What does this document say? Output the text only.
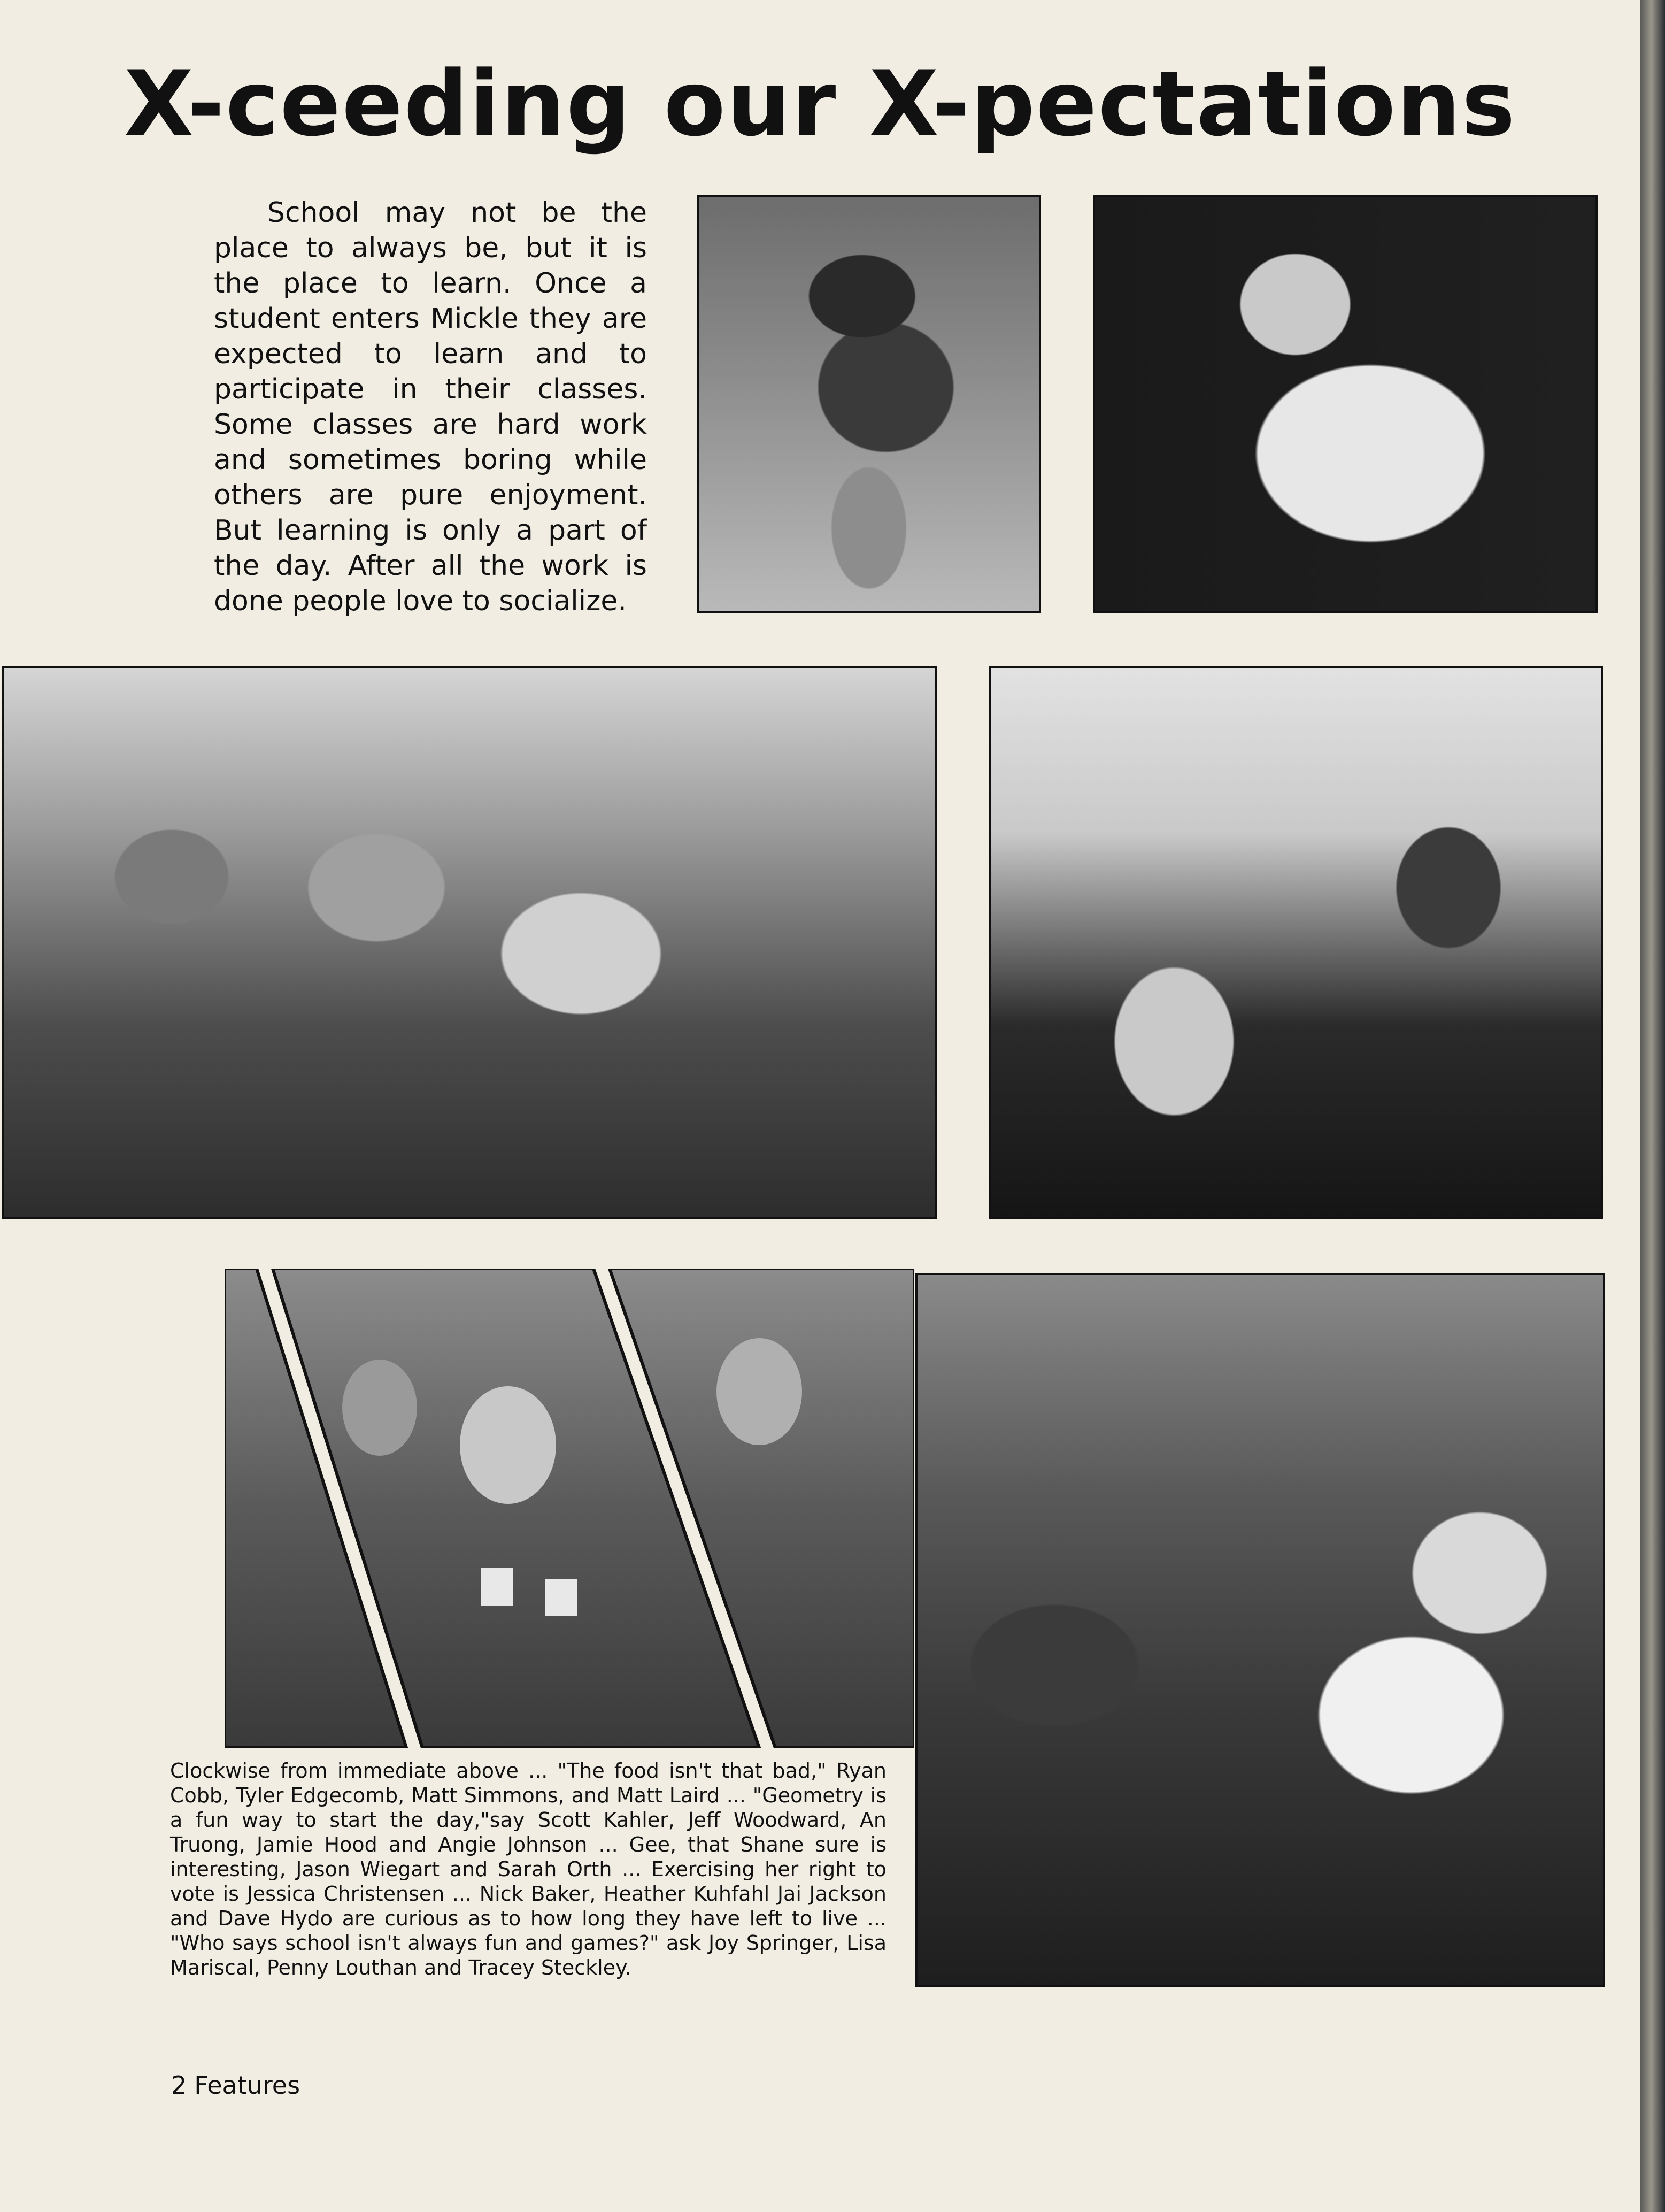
X-ceeding our X-pectations

School may not be the place to always be, but it is the place to learn. Once a student enters Mickle they are expected to learn and to participate in their classes. Some classes are hard work and sometimes boring while others are pure enjoyment. But learning is only a part of the day. After all the work is done people love to socialize.

Clockwise from immediate above ... "The food isn't that bad," Ryan Cobb, Tyler Edgecomb, Matt Simmons, and Matt Laird ... "Geometry is a fun way to start the day,"say Scott Kahler, Jeff Woodward, An Truong, Jamie Hood and Angie Johnson ... Gee, that Shane sure is interesting, Jason Wiegart and Sarah Orth ... Exercising her right to vote is Jessica Christensen ... Nick Baker, Heather Kuhfahl Jai Jackson and Dave Hydo are curious as to how long they have left to live ... "Who says school isn't always fun and games?" ask Joy Springer, Lisa Mariscal, Penny Louthan and Tracey Steckley.

2 Features
